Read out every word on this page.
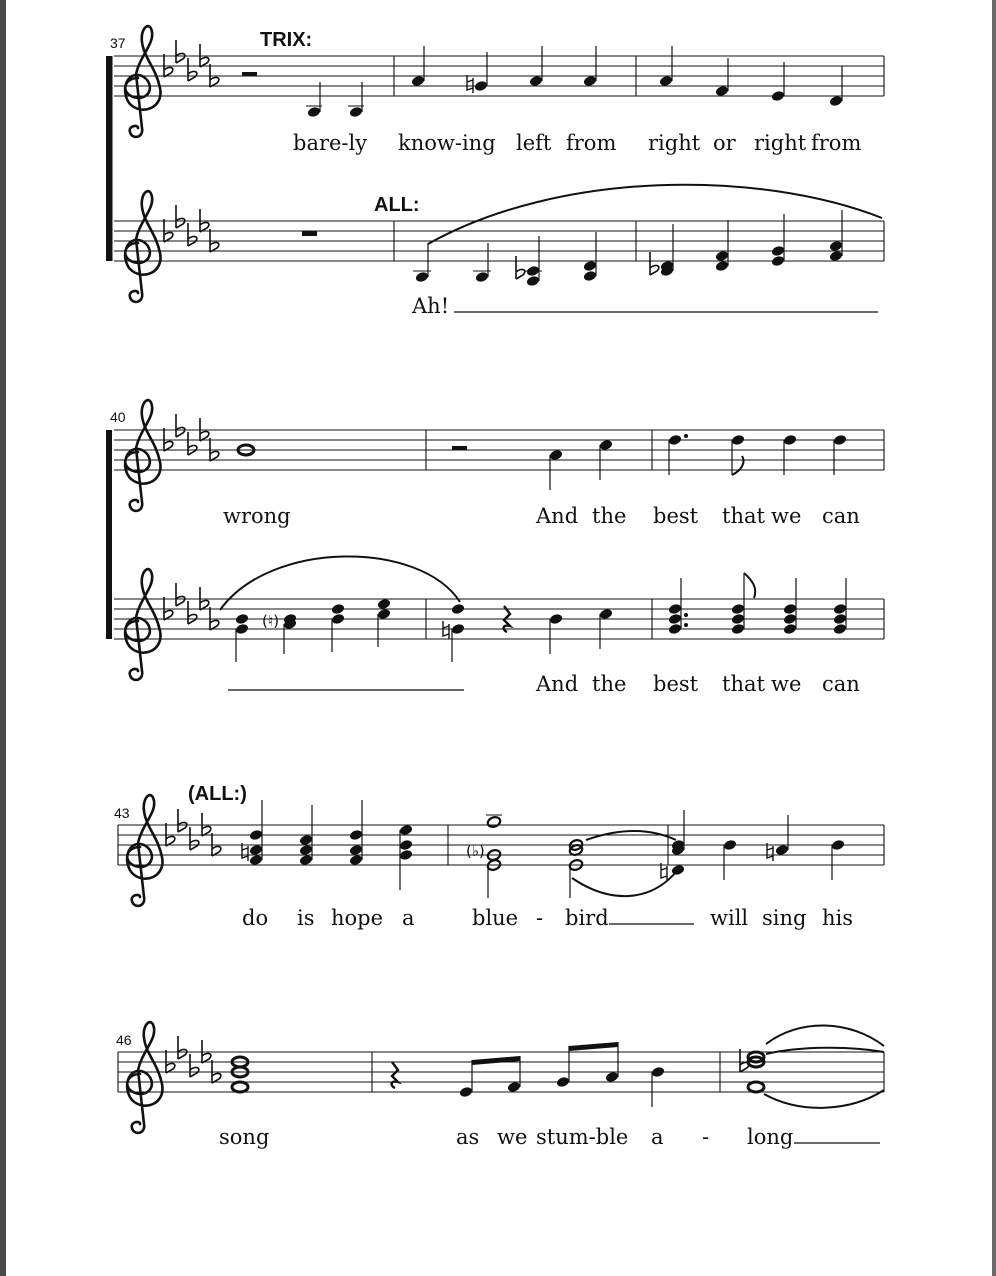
37	TRIX:
bare-ly know-ing left from right or right from
ALL:
Ah!
40
wrong	And the best that we can
(♮)
And the best that we can
43
(ALL:)
(♭)
do is hope a	blue - bird	will sing his
46
song	as we stum-ble a - long
